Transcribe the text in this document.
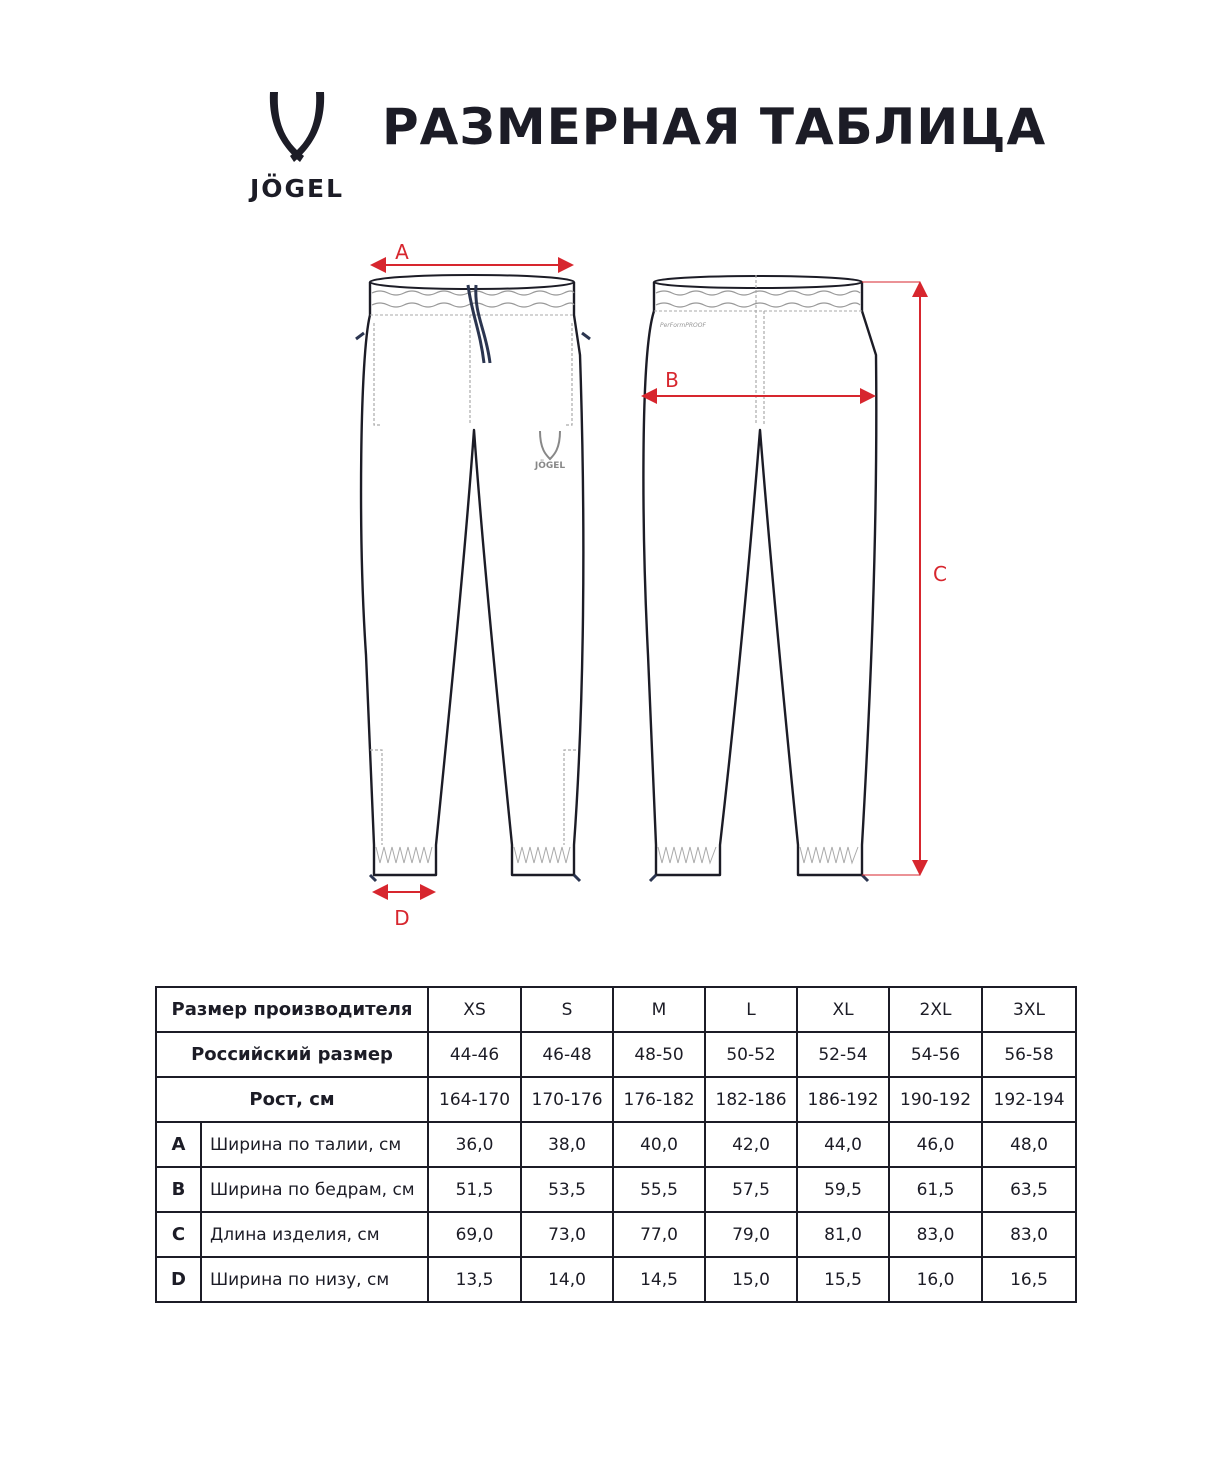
JÖGEL
РАЗМЕРНАЯ ТАБЛИЦА
JÖGEL
PerFormPROOF
A
B
C
D
Размер производителя		XS	S	M	L	XL	2XL	3XL
Российский размер		44-46	46-48	48-50	50-52	52-54	54-56	56-58
Рост, см		164-170	170-176	176-182	182-186	186-192	190-192	192-194
A	Ширина по талии, см	36,0	38,0	40,0	42,0	44,0	46,0	48,0
B	Ширина по бедрам, см	51,5	53,5	55,5	57,5	59,5	61,5	63,5
C	Длина изделия, см	69,0	73,0	77,0	79,0	81,0	83,0	83,0
D	Ширина по низу, см	13,5	14,0	14,5	15,0	15,5	16,0	16,5
